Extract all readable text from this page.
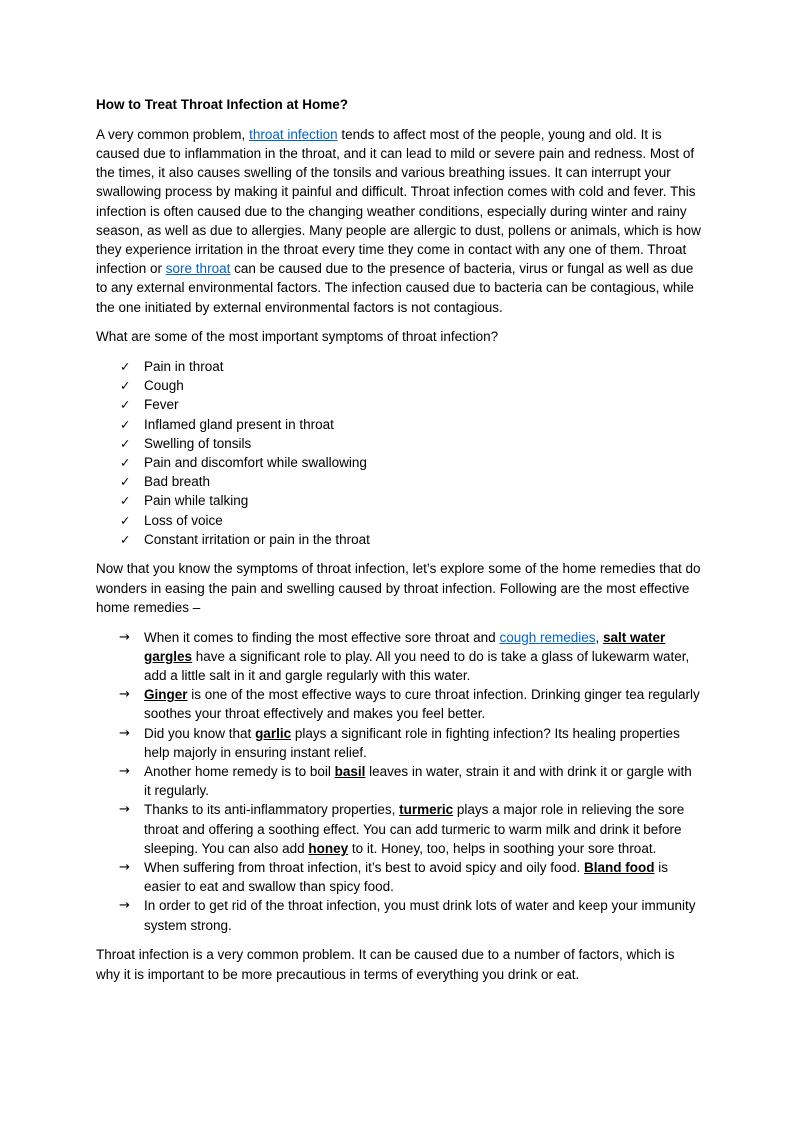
How to Treat Throat Infection at Home?

A very common problem, throat infection tends to affect most of the people, young and old. It is caused due to inflammation in the throat, and it can lead to mild or severe pain and redness. Most of the times, it also causes swelling of the tonsils and various breathing issues. It can interrupt your swallowing process by making it painful and difficult. Throat infection comes with cold and fever. This infection is often caused due to the changing weather conditions, especially during winter and rainy season, as well as due to allergies. Many people are allergic to dust, pollens or animals, which is how they experience irritation in the throat every time they come in contact with any one of them. Throat infection or sore throat can be caused due to the presence of bacteria, virus or fungal as well as due to any external environmental factors. The infection caused due to bacteria can be contagious, while the one initiated by external environmental factors is not contagious.

What are some of the most important symptoms of throat infection?

✓	Pain in throat
✓	Cough
✓	Fever
✓	Inflamed gland present in throat
✓	Swelling of tonsils
✓	Pain and discomfort while swallowing
✓	Bad breath
✓	Pain while talking
✓	Loss of voice
✓	Constant irritation or pain in the throat

Now that you know the symptoms of throat infection, let’s explore some of the home remedies that do wonders in easing the pain and swelling caused by throat infection. Following are the most effective home remedies –

→	When it comes to finding the most effective sore throat and cough remedies, salt water gargles have a significant role to play. All you need to do is take a glass of lukewarm water, add a little salt in it and gargle regularly with this water.
→	Ginger is one of the most effective ways to cure throat infection. Drinking ginger tea regularly soothes your throat effectively and makes you feel better.
→	Did you know that garlic plays a significant role in fighting infection? Its healing properties help majorly in ensuring instant relief.
→	Another home remedy is to boil basil leaves in water, strain it and with drink it or gargle with it regularly.
→	Thanks to its anti-inflammatory properties, turmeric plays a major role in relieving the sore throat and offering a soothing effect. You can add turmeric to warm milk and drink it before sleeping. You can also add honey to it. Honey, too, helps in soothing your sore throat.
→	When suffering from throat infection, it’s best to avoid spicy and oily food. Bland food is easier to eat and swallow than spicy food.
→	In order to get rid of the throat infection, you must drink lots of water and keep your immunity system strong.

Throat infection is a very common problem. It can be caused due to a number of factors, which is why it is important to be more precautious in terms of everything you drink or eat.
